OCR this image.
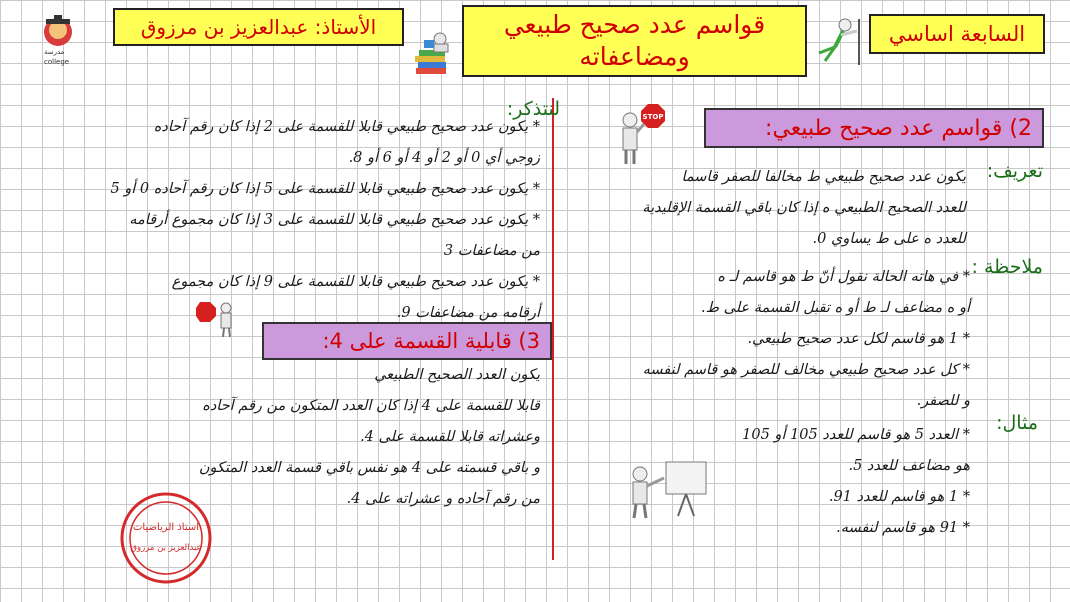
الأستاذ: عبدالعزيز بن مرزوق	قواسم عدد صحيح طبيعي
ومضاعفاته
السابعة اساسي
مدرسة
college
2) قواسم عدد صحيح طبيعي:
STOP
تعريف:
ملاحظة :
مثال:
يكون عدد صحيح طبيعي ط مخالفا للصفر قاسما
للعدد الصحيح الطبيعي ه إذا كان باقي القسمة الإقليدية
للعدد ه على ط يساوي 0.
* في هاته الحالة نقول أنّ ط هو قاسم لـ ه
أو ه مضاعف لـ ط أو ه تقبل القسمة على ط.
* 1 هو قاسم لكل عدد صحيح طبيعي.
* كل عدد صحيح طبيعي مخالف للصفر هو قاسم لنفسه
و للصفر.
* العدد 5 هو قاسم للعدد 105 أو 105
هو مضاعف للعدد 5.
* 1 هو قاسم للعدد 91.
* 91 هو قاسم لنفسه.
لنتذكر:
* يكون عدد صحيح طبيعي قابلا للقسمة على 2 إذا كان رقم آحاده
زوجي أي 0 أو 2 أو 4 أو 6 أو 8.
* يكون عدد صحيح طبيعي قابلا للقسمة على 5 إذا كان رقم آحاده 0 أو 5
* يكون عدد صحيح طبيعي قابلا للقسمة على 3 إذا كان مجموع أرقامه
من مضاعفات 3
* يكون عدد صحيح طبيعي قابلا للقسمة على 9 إذا كان مجموع
أرقامه من مضاعفات 9.
3) قابلية القسمة على 4:
يكون العدد الصحيح الطبيعي
قابلا للقسمة على 4 إذا كان العدد المتكون من رقم آحاده
وعشراته قابلا للقسمة على 4.
و باقي قسمته على 4 هو نفس باقي قسمة العدد المتكون
من رقم آحاده و عشراته على 4.
استاذ الرياضيات
عبدالعزيز بن مرزوق
